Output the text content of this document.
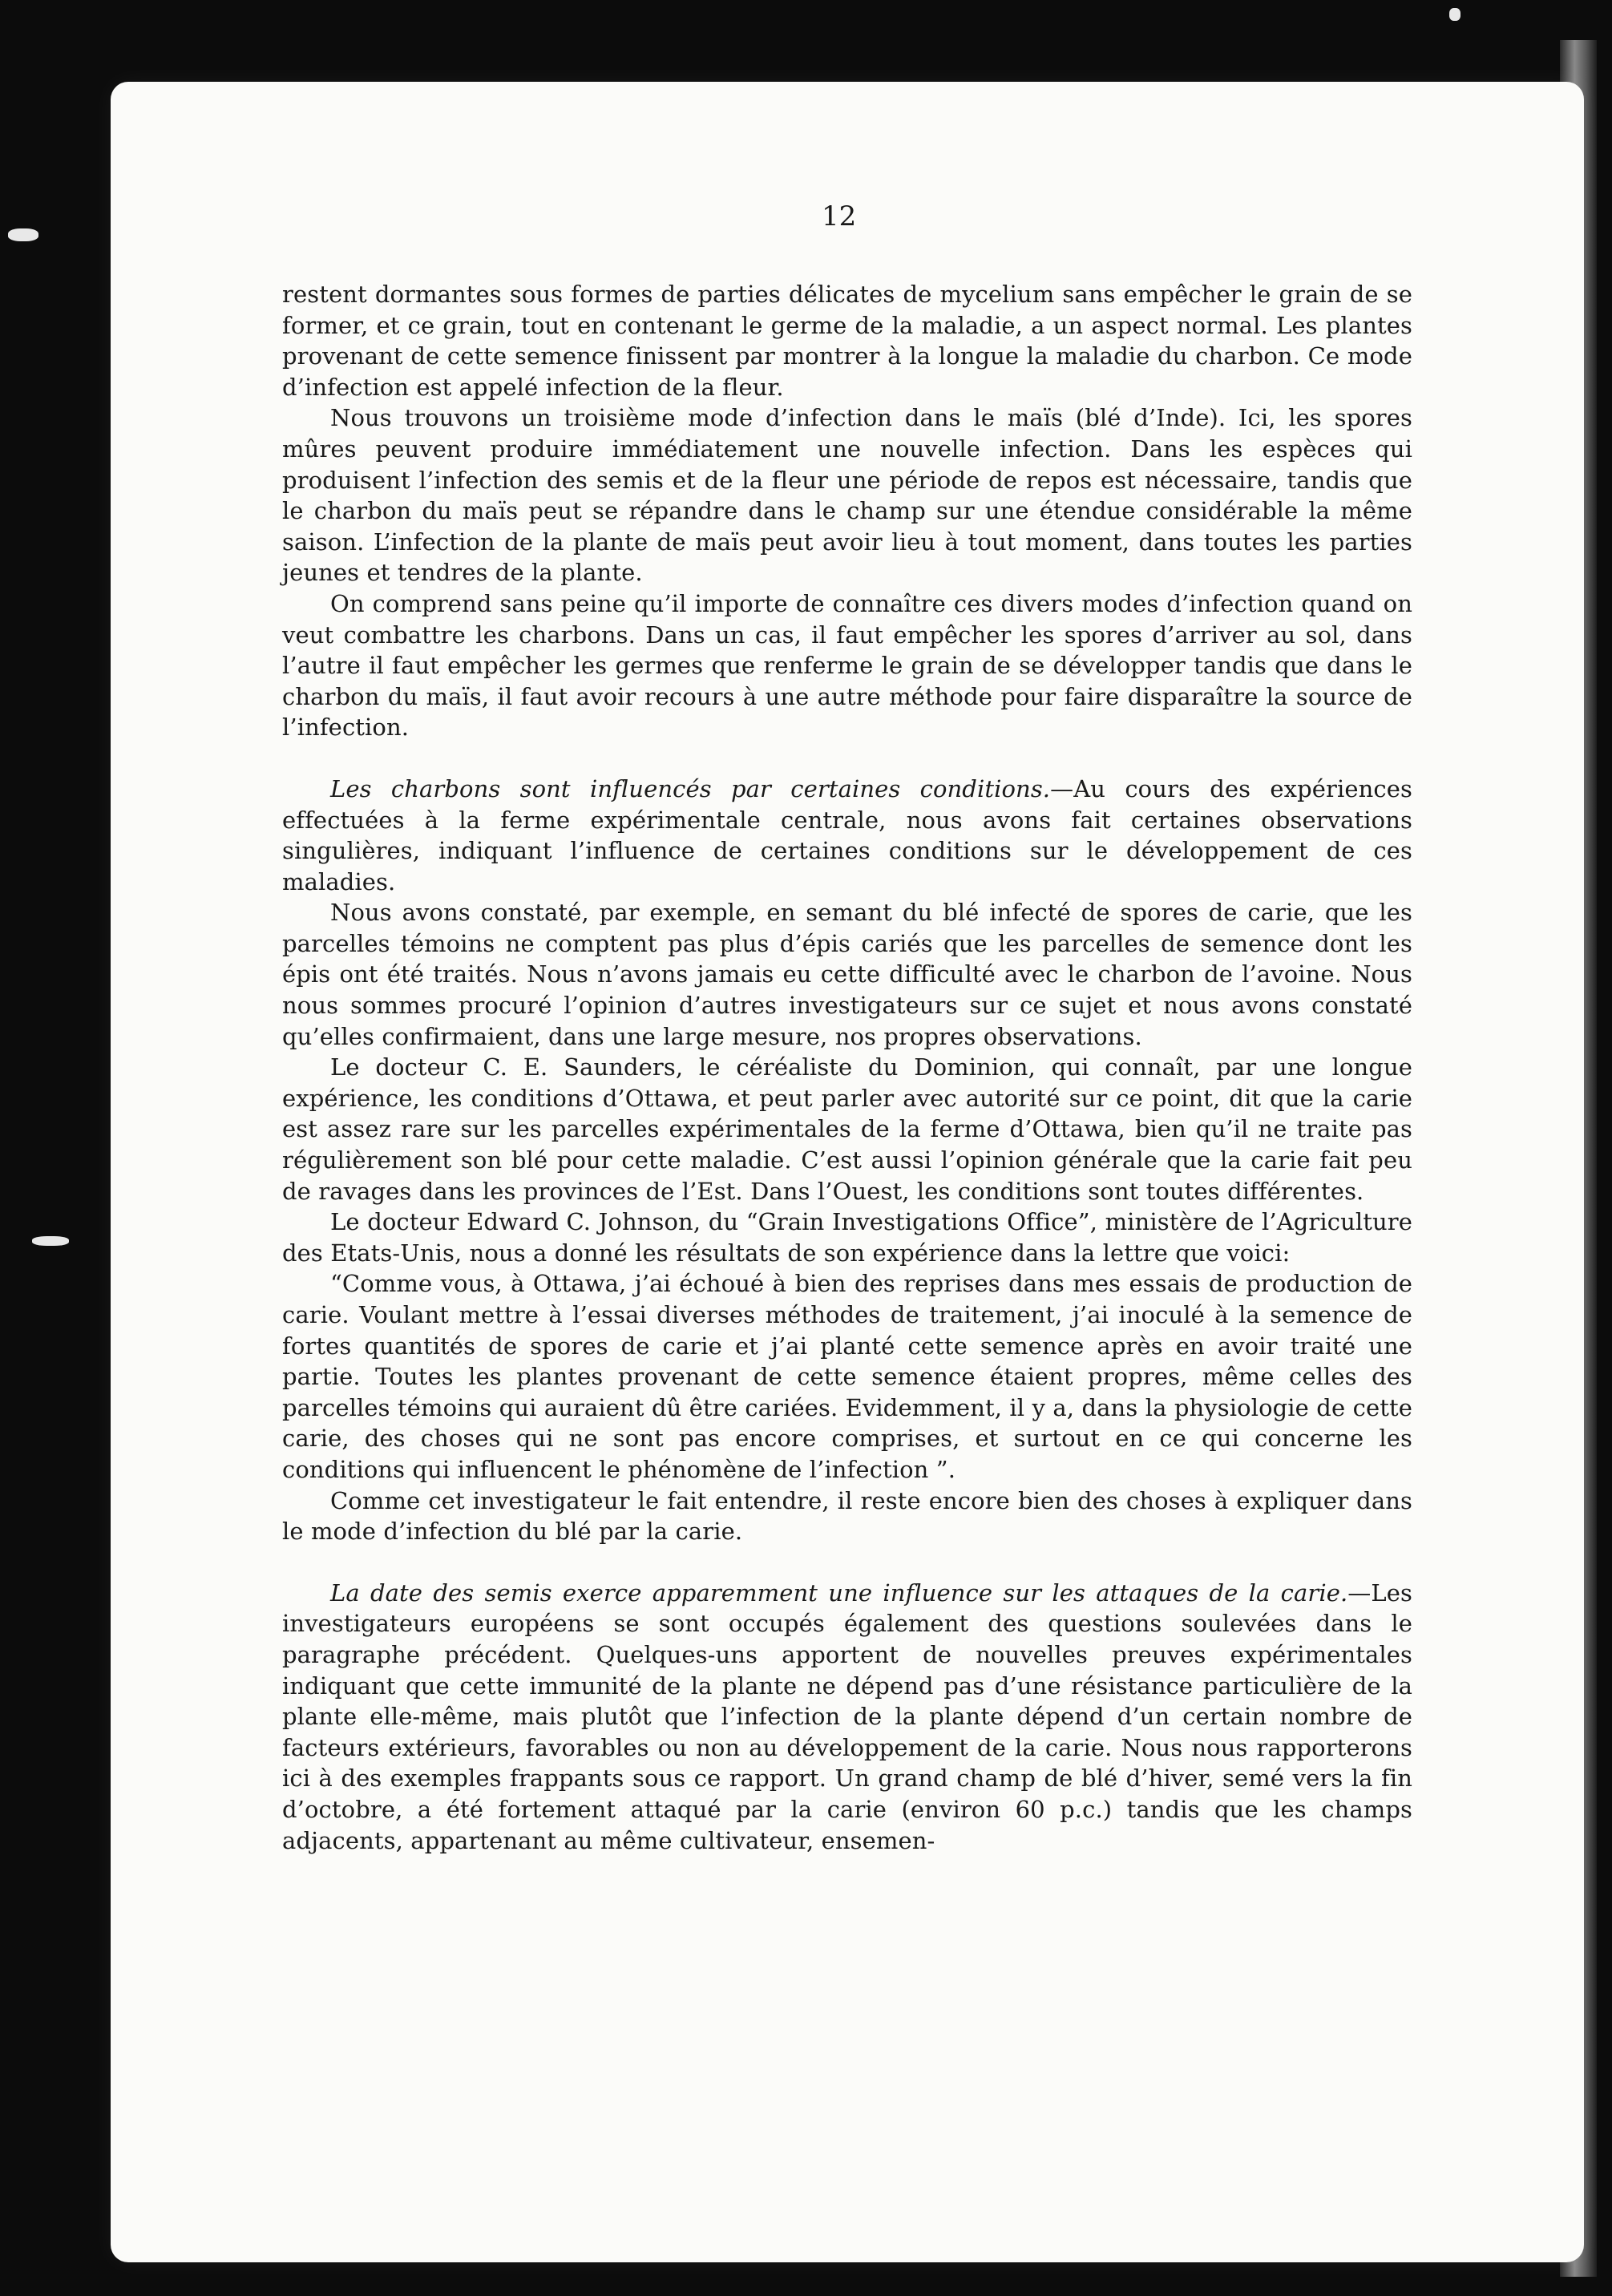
12

restent dormantes sous formes de parties délicates de mycelium sans empêcher le grain de se former, et ce grain, tout en contenant le germe de la maladie, a un aspect normal. Les plantes provenant de cette semence finissent par montrer à la longue la maladie du charbon. Ce mode d’infection est appelé infection de la fleur.

Nous trouvons un troisième mode d’infection dans le maïs (blé d’Inde). Ici, les spores mûres peuvent produire immédiatement une nouvelle infection. Dans les espèces qui produisent l’infection des semis et de la fleur une période de repos est nécessaire, tandis que le charbon du maïs peut se répandre dans le champ sur une étendue considérable la même saison. L’infection de la plante de maïs peut avoir lieu à tout moment, dans toutes les parties jeunes et tendres de la plante.

On comprend sans peine qu’il importe de connaître ces divers modes d’infection quand on veut combattre les charbons. Dans un cas, il faut empêcher les spores d’arriver au sol, dans l’autre il faut empêcher les germes que renferme le grain de se développer tandis que dans le charbon du maïs, il faut avoir recours à une autre méthode pour faire disparaître la source de l’infection.

Les charbons sont influencés par certaines conditions.—Au cours des expériences effectuées à la ferme expérimentale centrale, nous avons fait certaines observations singulières, indiquant l’influence de certaines conditions sur le développement de ces maladies.

Nous avons constaté, par exemple, en semant du blé infecté de spores de carie, que les parcelles témoins ne comptent pas plus d’épis cariés que les parcelles de semence dont les épis ont été traités. Nous n’avons jamais eu cette difficulté avec le charbon de l’avoine. Nous nous sommes procuré l’opinion d’autres investigateurs sur ce sujet et nous avons constaté qu’elles confirmaient, dans une large mesure, nos propres observations.

Le docteur C. E. Saunders, le céréaliste du Dominion, qui connaît, par une longue expérience, les conditions d’Ottawa, et peut parler avec autorité sur ce point, dit que la carie est assez rare sur les parcelles expérimentales de la ferme d’Ottawa, bien qu’il ne traite pas régulièrement son blé pour cette maladie. C’est aussi l’opinion générale que la carie fait peu de ravages dans les provinces de l’Est. Dans l’Ouest, les conditions sont toutes différentes.

Le docteur Edward C. Johnson, du “Grain Investigations Office”, ministère de l’Agriculture des Etats-Unis, nous a donné les résultats de son expérience dans la lettre que voici:

“Comme vous, à Ottawa, j’ai échoué à bien des reprises dans mes essais de production de carie. Voulant mettre à l’essai diverses méthodes de traitement, j’ai inoculé à la semence de fortes quantités de spores de carie et j’ai planté cette semence après en avoir traité une partie. Toutes les plantes provenant de cette semence étaient propres, même celles des parcelles témoins qui auraient dû être cariées. Evidemment, il y a, dans la physiologie de cette carie, des choses qui ne sont pas encore comprises, et surtout en ce qui concerne les conditions qui influencent le phénomène de l’infection ”.

Comme cet investigateur le fait entendre, il reste encore bien des choses à expliquer dans le mode d’infection du blé par la carie.

La date des semis exerce apparemment une influence sur les attaques de la carie.—Les investigateurs européens se sont occupés également des questions soulevées dans le paragraphe précédent. Quelques-uns apportent de nouvelles preuves expérimentales indiquant que cette immunité de la plante ne dépend pas d’une résistance particulière de la plante elle-même, mais plutôt que l’infection de la plante dépend d’un certain nombre de facteurs extérieurs, favorables ou non au développement de la carie. Nous nous rapporterons ici à des exemples frappants sous ce rapport. Un grand champ de blé d’hiver, semé vers la fin d’octobre, a été fortement attaqué par la carie (environ 60 p.c.) tandis que les champs adjacents, appartenant au même cultivateur, ensemen-
